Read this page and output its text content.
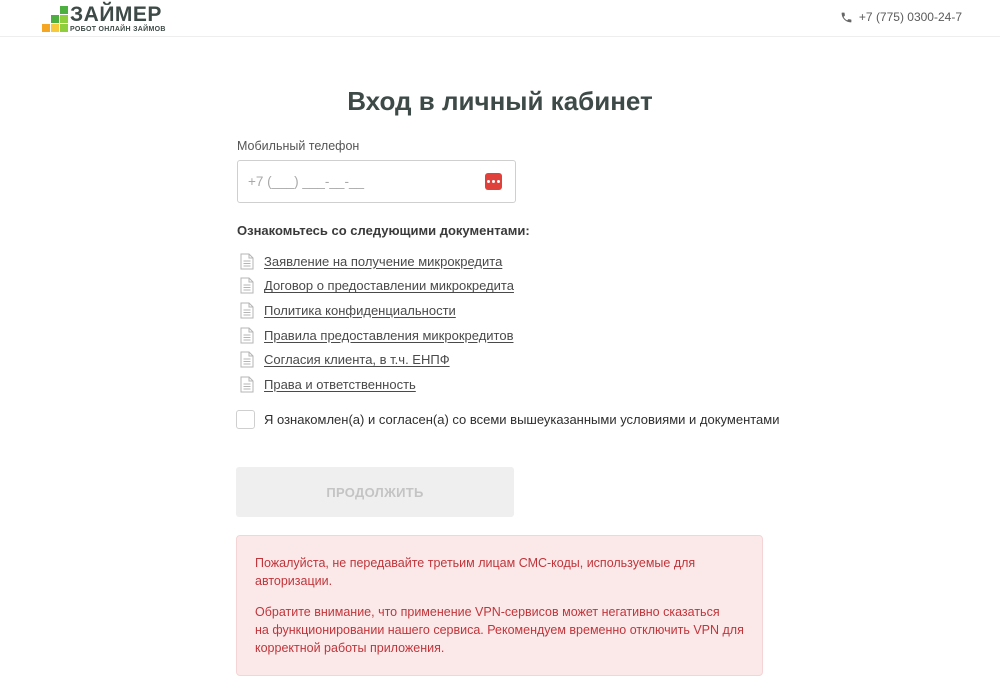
ЗАЙМЕР
РОБОТ ОНЛАЙН ЗАЙМОВ
+7 (775) 0300-24-7
Вход в личный кабинет
Мобильный телефон
+7 (___) ___-__-__
Ознакомьтесь со следующими документами:
Заявление на получение микрокредита
Договор о предоставлении микрокредита
Политика конфиденциальности
Правила предоставления микрокредитов
Согласия клиента, в т.ч. ЕНПФ
Права и ответственность
Я ознакомлен(а) и согласен(а) со всеми вышеуказанными условиями и документами
ПРОДОЛЖИТЬ

Пожалуйста, не передавайте третьим лицам СМС-коды, используемые для авторизации.

Обратите внимание, что применение VPN-сервисов может негативно сказаться
на функционировании нашего сервиса. Рекомендуем временно отключить VPN для корректной работы приложения.
